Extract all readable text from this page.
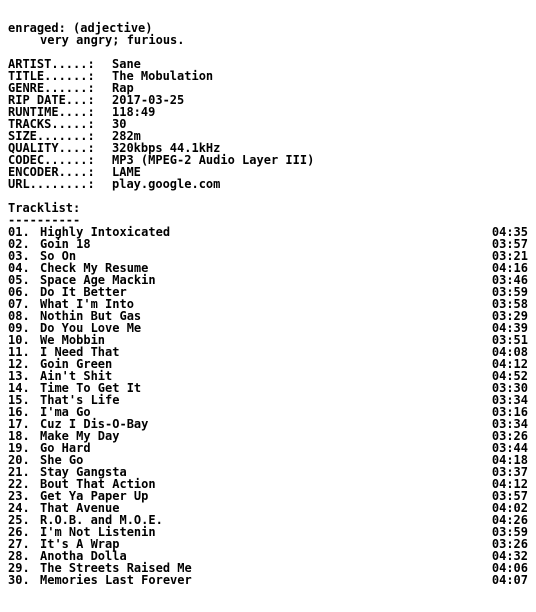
enraged: (adjective)
very angry; furious.
ARTIST.....:	Sane
TITLE......:	The Mobulation
GENRE......:	Rap
RIP DATE...:	2017-03-25
RUNTIME....:	118:49
TRACKS.....:	30
SIZE.......:	282m
QUALITY....:	320kbps 44.1kHz
CODEC......:	MP3 (MPEG-2 Audio Layer III)
ENCODER....:	LAME
URL........:	play.google.com
Tracklist:
----------
01. Highly Intoxicated	04:35
02. Goin 18	03:57
03. So On	03:21
04. Check My Resume	04:16
05. Space Age Mackin	03:46
06. Do It Better	03:59
07. What I'm Into	03:58
08. Nothin But Gas	03:29
09. Do You Love Me	04:39
10. We Mobbin	03:51
11. I Need That	04:08
12. Goin Green	04:12
13. Ain't Shit	04:52
14. Time To Get It	03:30
15. That's Life	03:34
16. I'ma Go	03:16
17. Cuz I Dis-O-Bay	03:34
18. Make My Day	03:26
19. Go Hard	03:44
20. She Go	04:18
21. Stay Gangsta	03:37
22. Bout That Action	04:12
23. Get Ya Paper Up	03:57
24. That Avenue	04:02
25. R.O.B. and M.O.E.	04:26
26. I'm Not Listenin	03:59
27. It's A Wrap	03:26
28. Anotha Dolla	04:32
29. The Streets Raised Me	04:06
30. Memories Last Forever	04:07
